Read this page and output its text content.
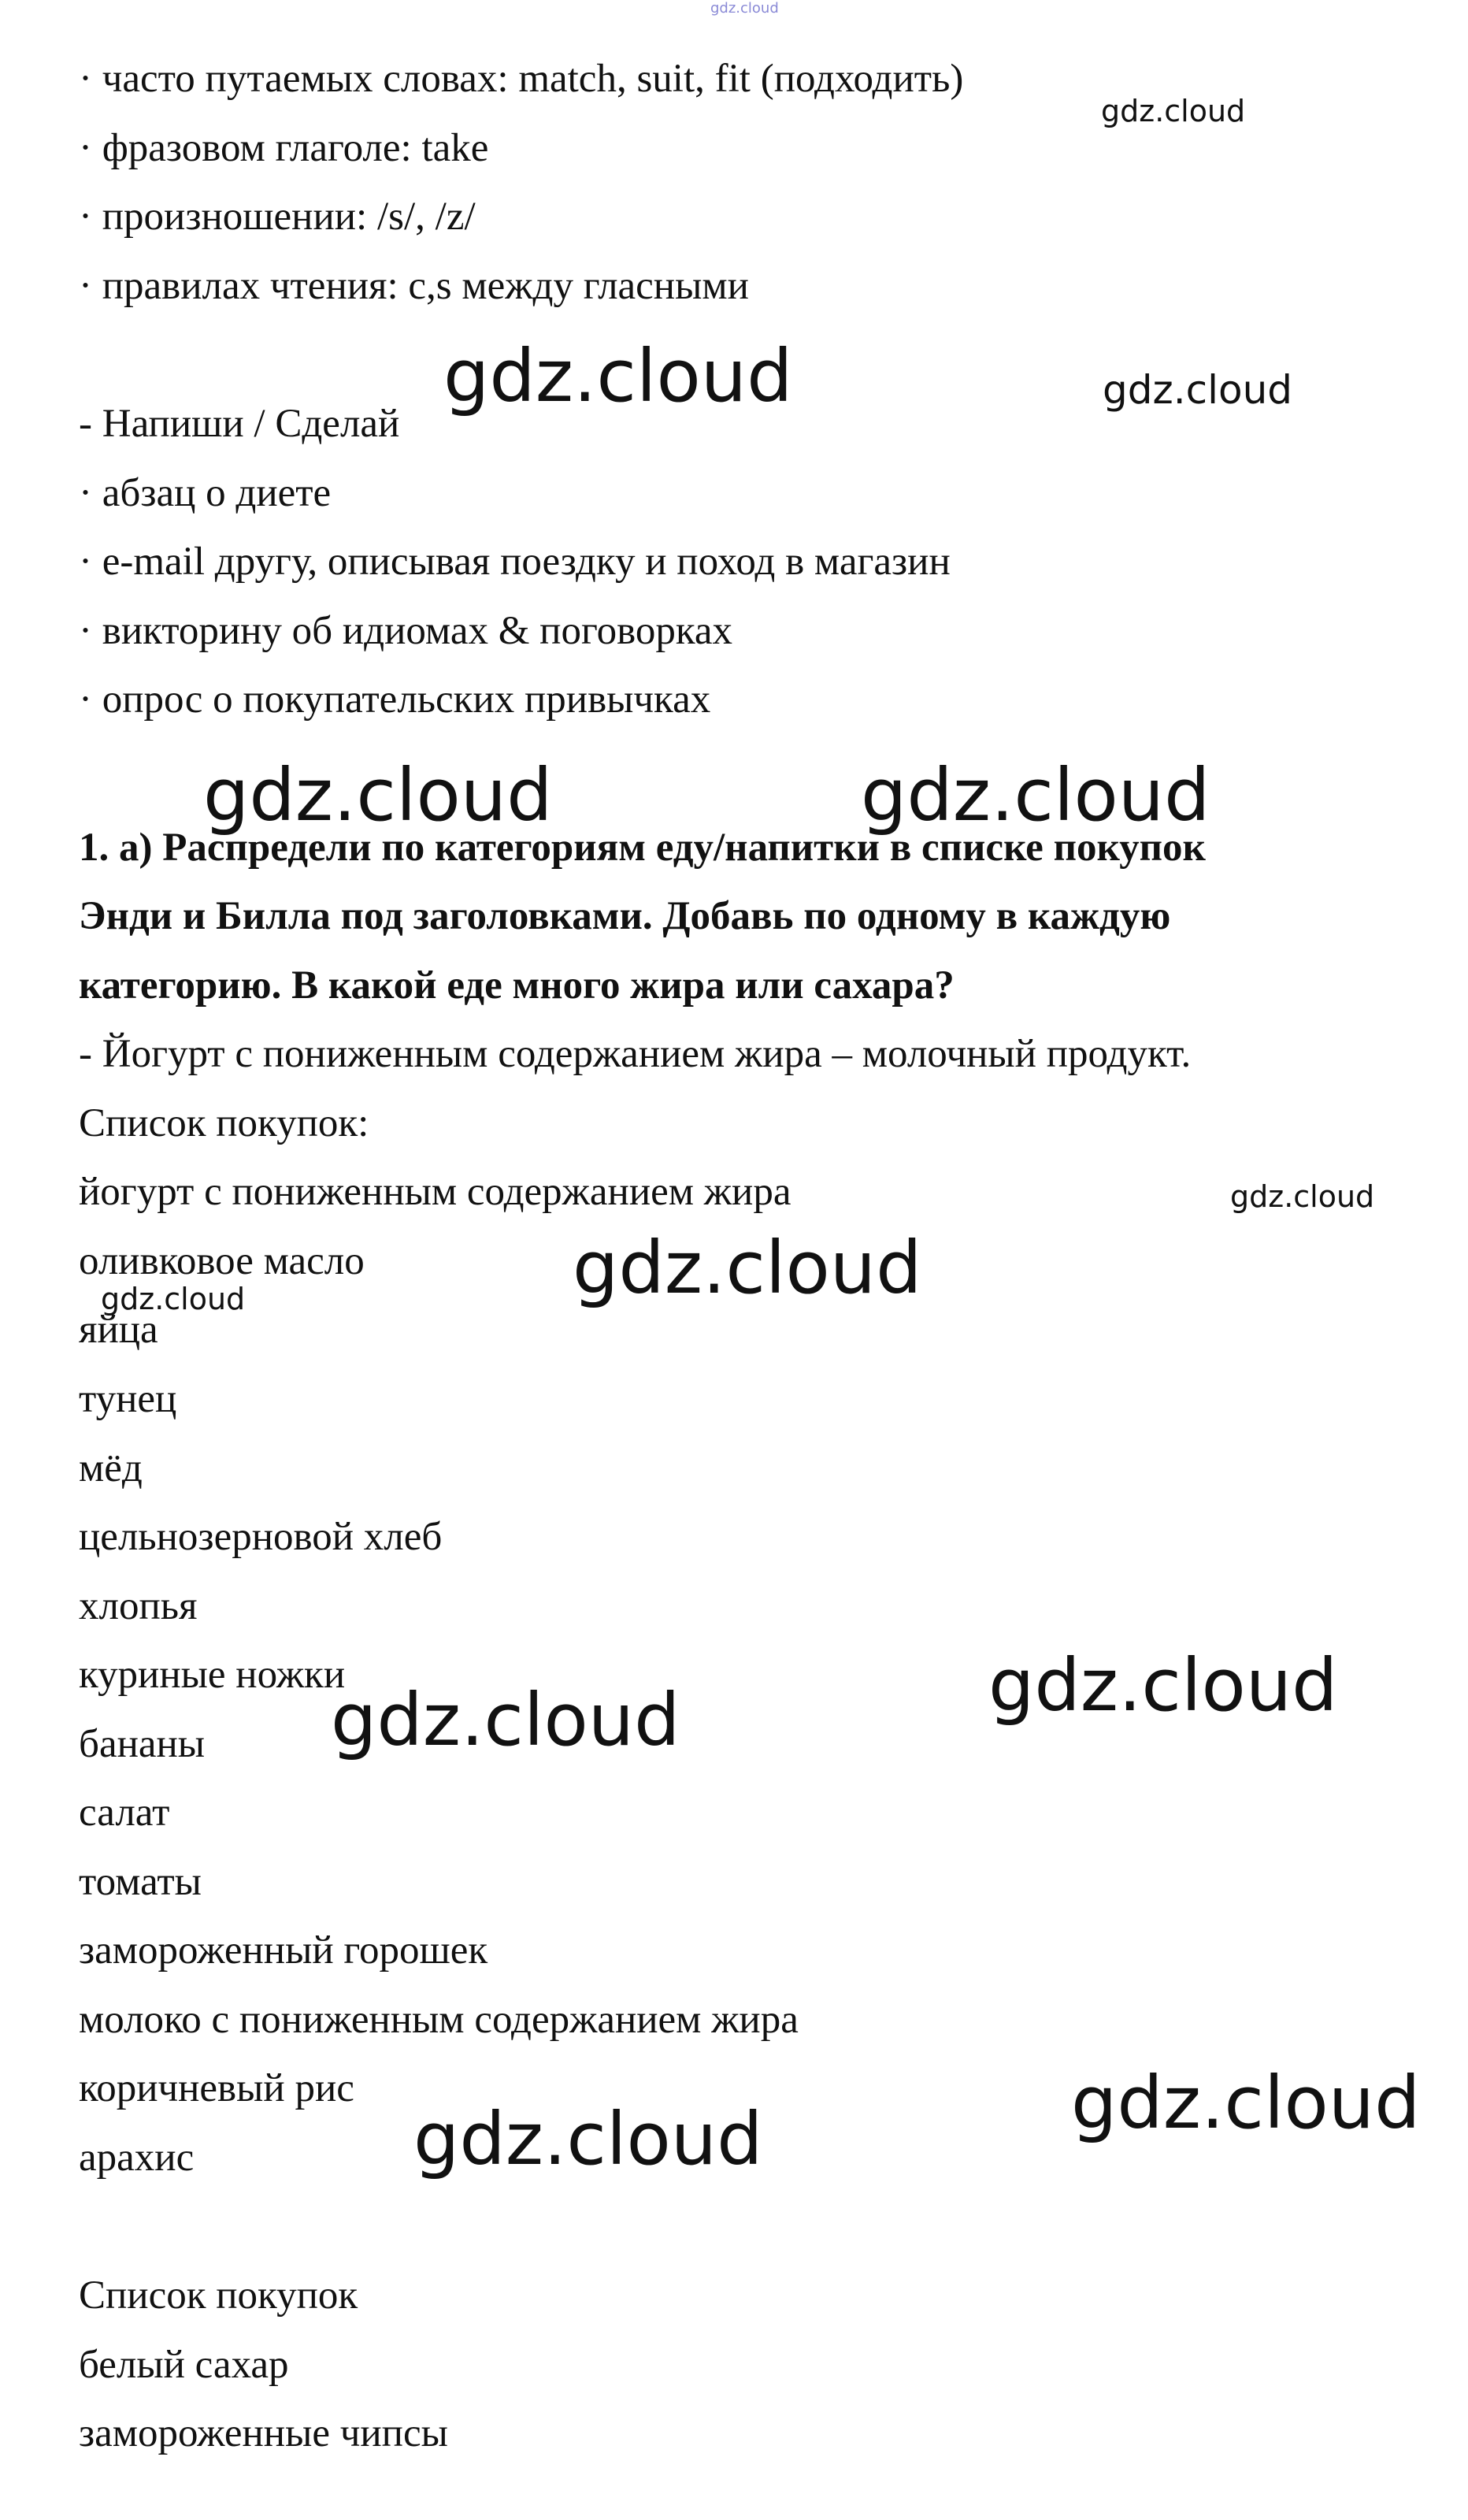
· часто путаемых словах: match, suit, fit (подходить)
· фразовом глаголе: take
· произношении: /s/, /z/
· правилах чтения: c,s между гласными
- Напиши / Сделай
· абзац о диете
· e-mail другу, описывая поездку и поход в магазин
· викторину об идиомах & поговорках
· опрос о покупательских привычках
1. a) Распредели по категориям еду/напитки в списке покупок
Энди и Билла под заголовками. Добавь по одному в каждую
категорию. В какой еде много жира или сахара?
- Йогурт с пониженным содержанием жира – молочный продукт.
Список покупок:
йогурт с пониженным содержанием жира
оливковое масло
яйца
тунец
мёд
цельнозерновой хлеб
хлопья
куриные ножки
бананы
салат
томаты
замороженный горошек
молоко с пониженным содержанием жира
коричневый рис
арахис
Список покупок
белый сахар
замороженные чипсы
gdz.cloud
gdz.cloud
gdz.cloud	gdz.cloud
gdz.cloud	gdz.cloud
gdz.cloud
gdz.cloud
gdz.cloud
gdz.cloud
gdz.cloud
gdz.cloud
gdz.cloud
